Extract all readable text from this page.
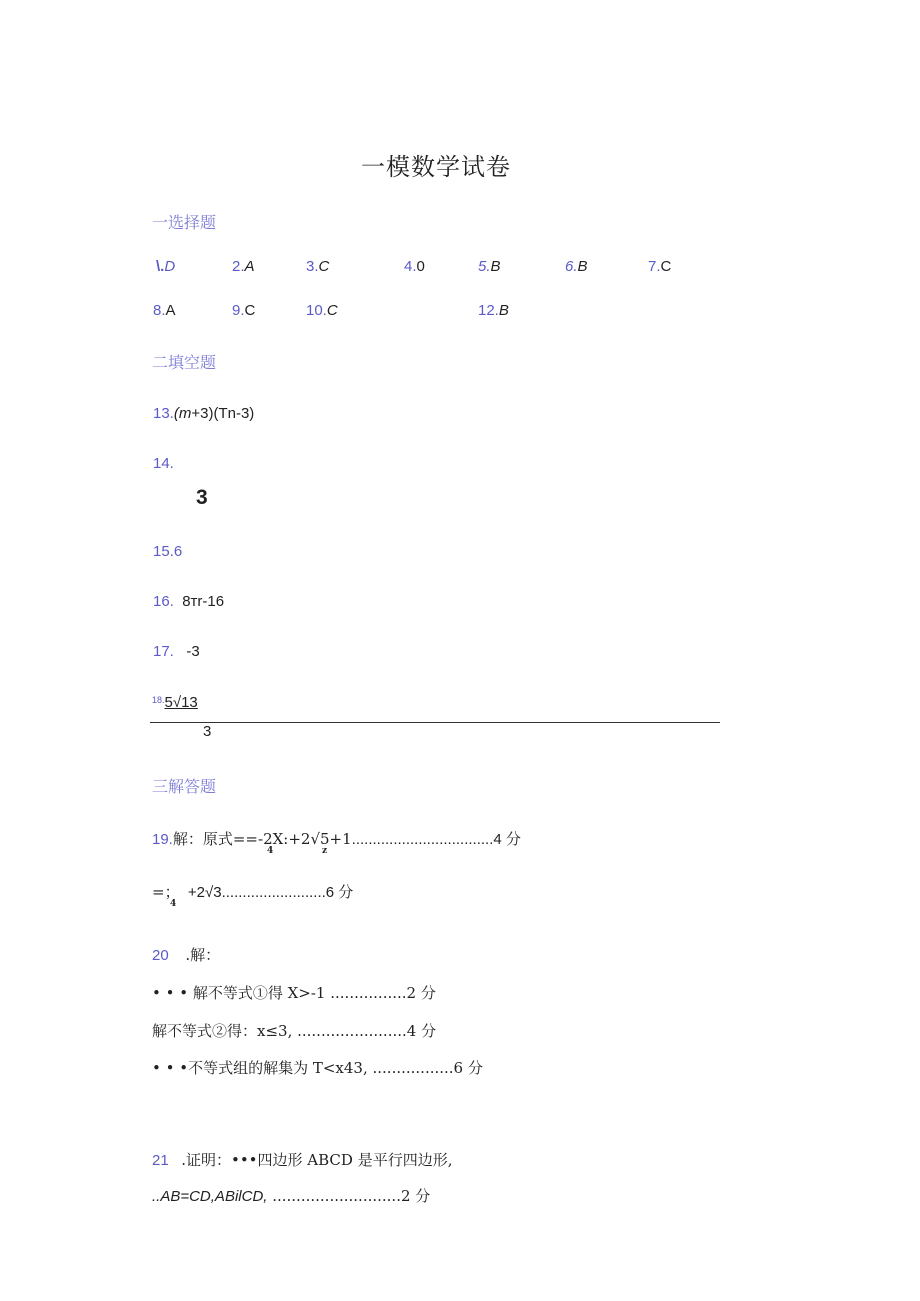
一模数学试卷
一选择题
\.D	2.A	3.C	4.0	5.B	6.B	7.C
8.A	9.C	10.C	12.B
二填空题
13.(m+3)(Tn-3)
14.
3
15.6
16. 8тr-16
17. -3
$^{18.}$5√13
3
三解答题
19.解：原式==-2X:+2√5+1..................................4 分
4	z
=； +2√3.........................6 分
4
20 .解：
• • • 解不等式①得 X>-1 ................2 分
解不等式②得：x≤3, .......................4 分
• • •不等式组的解集为 T<x43, .................6 分
21 .证明：•••四边形 ABCD 是平行四边形,
..AB=CD,ABilCD, ...........................2 分
